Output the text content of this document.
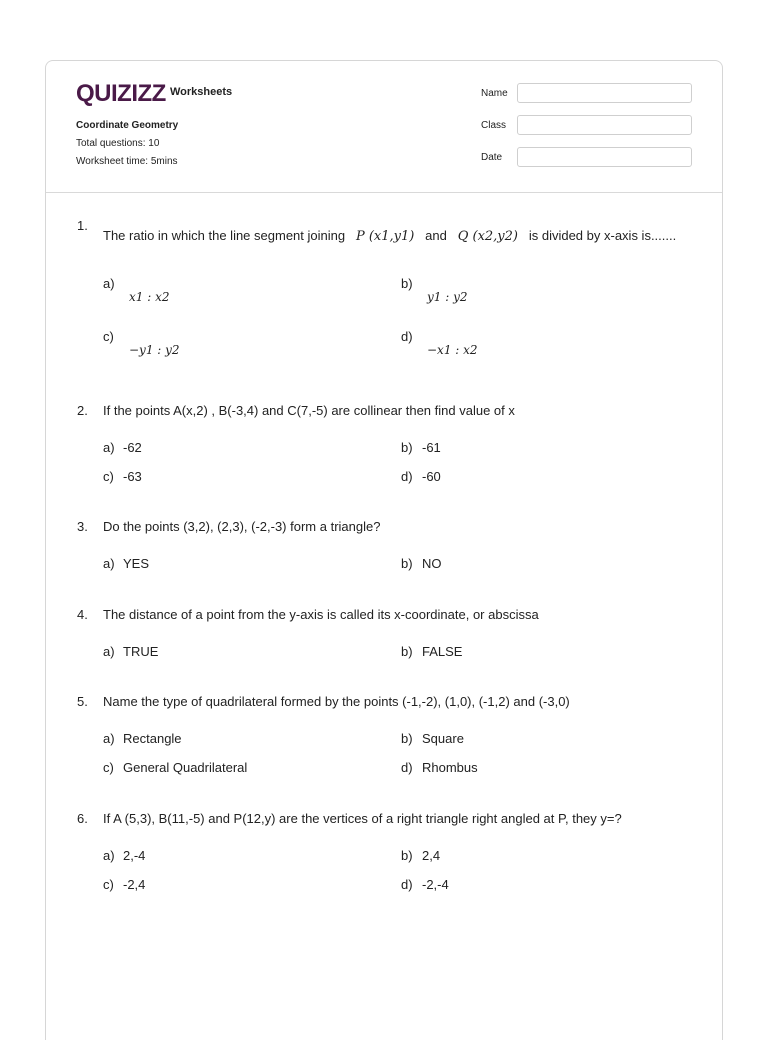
QUIZIZZ Worksheets
Coordinate Geometry
Total questions: 10
Worksheet time: 5mins
Name
Class
Date
1.
The ratio in which the line segment joining P (x1,y1) and Q (x2,y2) is divided by x-axis is.......
a)
x1 : x2
b)
y1 : y2
c)
−y1 : y2
d)
−x1 : x2
2. If the points A(x,2) , B(-3,4) and C(7,-5) are collinear then find value of x
a) -62	b) -61
c) -63	d) -60
3. Do the points (3,2), (2,3), (-2,-3) form a triangle?
a) YES	b) NO
4. The distance of a point from the y-axis is called its x-coordinate, or abscissa
a) TRUE	b) FALSE
5. Name the type of quadrilateral formed by the points (-1,-2), (1,0), (-1,2) and (-3,0)
a) Rectangle	b) Square
c) General Quadrilateral	d) Rhombus
6. If A (5,3), B(11,-5) and P(12,y) are the vertices of a right triangle right angled at P, they y=?
a) 2,-4	b) 2,4
c) -2,4	d) -2,-4
